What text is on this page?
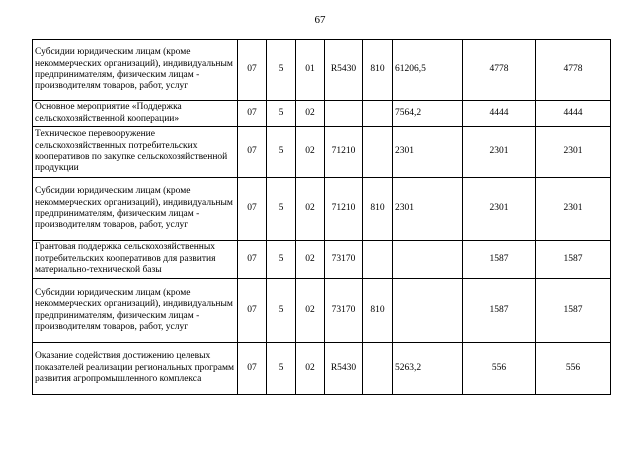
67
Субсидии юридическим лицам (кроме некоммерческих организаций), индивидуальным предпринимателям, физическим лицам - производителям товаров, работ, услуг	07	5	01	R5430	810	61206,5	4778	4778
Основное мероприятие «Поддержка сельскохозяйственной кооперации»	07	5	02			7564,2	4444	4444
Техническое перевооружение сельскохозяйственных потребительских кооперативов по закупке сельскохозяйственной продукции	07	5	02	71210		2301	2301	2301
Субсидии юридическим лицам (кроме некоммерческих организаций), индивидуальным предпринимателям, физическим лицам - производителям товаров, работ, услуг	07	5	02	71210	810	2301	2301	2301
Грантовая поддержка сельскохозяйственных потребительских кооперативов для развития материально-технической базы	07	5	02	73170			1587	1587
Субсидии юридическим лицам (кроме некоммерческих организаций), индивидуальным предпринимателям, физическим лицам - производителям товаров, работ, услуг	07	5	02	73170	810		1587	1587
Оказание содействия достижению целевых показателей реализации региональных программ развития агропромышленного комплекса	07	5	02	R5430		5263,2	556	556
